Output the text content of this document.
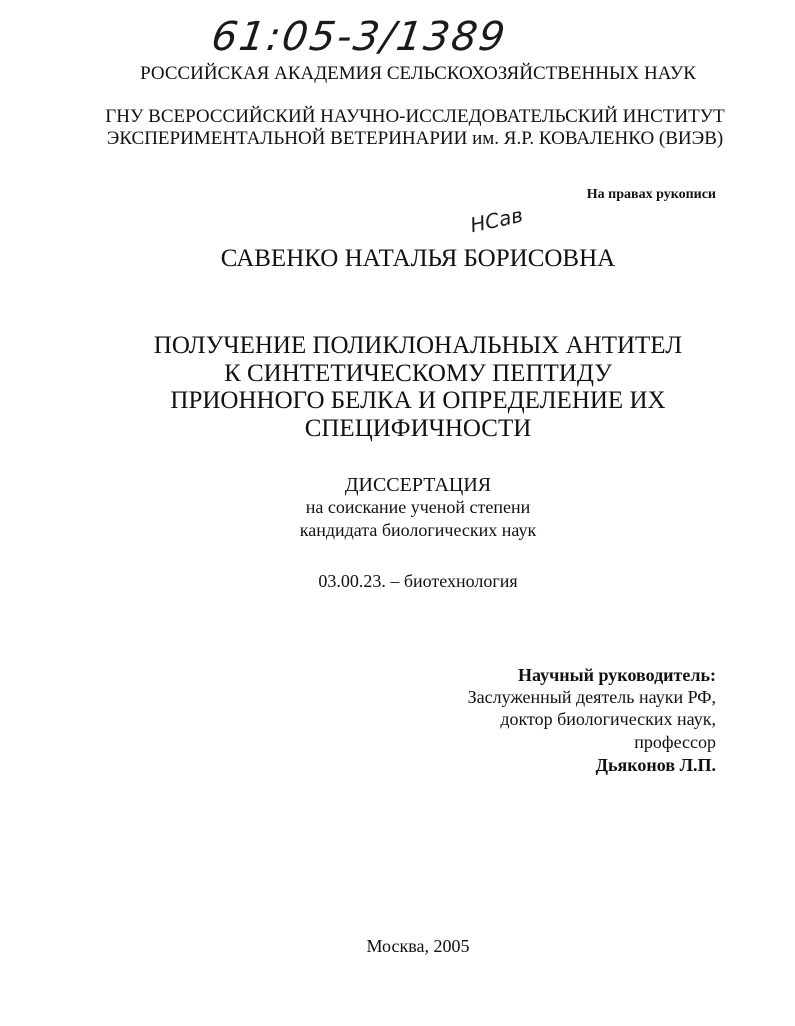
61:05-3/1389
РОССИЙСКАЯ АКАДЕМИЯ СЕЛЬСКОХОЗЯЙСТВЕННЫХ НАУК
ГНУ ВСЕРОССИЙСКИЙ НАУЧНО-ИССЛЕДОВАТЕЛЬСКИЙ ИНСТИТУТ
ЭКСПЕРИМЕНТАЛЬНОЙ ВЕТЕРИНАРИИ им. Я.Р. КОВАЛЕНКО (ВИЭВ)
На правах рукописи
НСав
САВЕНКО НАТАЛЬЯ БОРИСОВНА
ПОЛУЧЕНИЕ ПОЛИКЛОНАЛЬНЫХ АНТИТЕЛ
К СИНТЕТИЧЕСКОМУ ПЕПТИДУ
ПРИОННОГО БЕЛКА И ОПРЕДЕЛЕНИЕ ИХ
СПЕЦИФИЧНОСТИ
ДИССЕРТАЦИЯ
на соискание ученой степени
кандидата биологических наук
03.00.23. – биотехнология
Научный руководитель:
Заслуженный деятель науки РФ,
доктор биологических наук,
профессор
Дьяконов Л.П.
Москва, 2005
